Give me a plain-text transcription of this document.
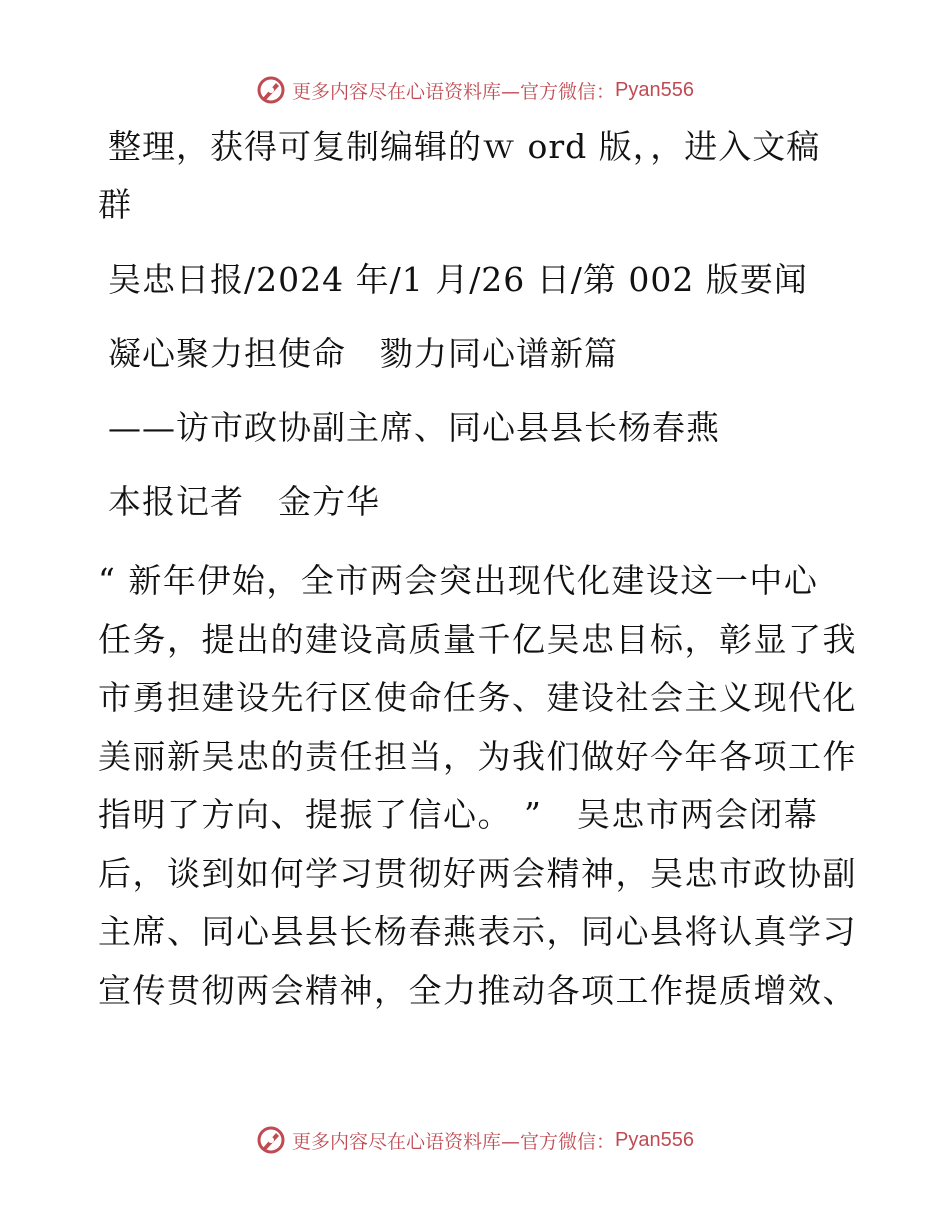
更多内容尽在心语资料库—官方微信： Pyan556
整理，获得可复制编辑的ｗ ord 版，，进入文稿
群
吴忠日报/2024 年/1 月/26 日/第 002 版要闻
凝心聚力担使命　勠力同心谱新篇
——访市政协副主席、同心县县长杨春燕
本报记者　金方华
“ 新年伊始，全市两会突出现代化建设这一中心
任务，提出的建设高质量千亿吴忠目标，彰显了我
市勇担建设先行区使命任务、建设社会主义现代化
美丽新吴忠的责任担当，为我们做好今年各项工作
指明了方向、提振了信心。 ”　吴忠市两会闭幕
后，谈到如何学习贯彻好两会精神，吴忠市政协副
主席、同心县县长杨春燕表示，同心县将认真学习
宣传贯彻两会精神，全力推动各项工作提质增效、
更多内容尽在心语资料库—官方微信： Pyan556
